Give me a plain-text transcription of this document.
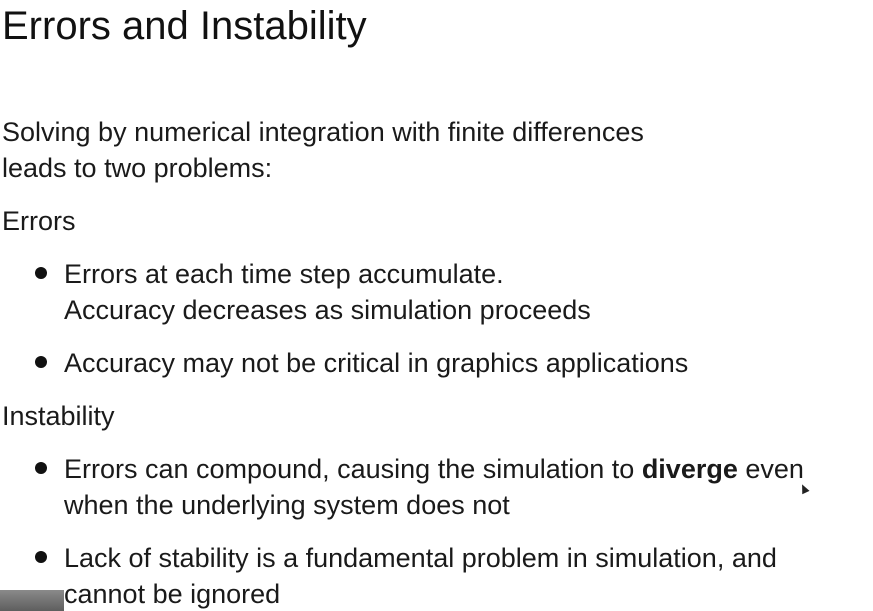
Errors and Instability
Solving by numerical integration with finite differences
leads to two problems:
Errors
Errors at each time step accumulate.
Accuracy decreases as simulation proceeds
Accuracy may not be critical in graphics applications
Instability
Errors can compound, causing the simulation to diverge even
when the underlying system does not
Lack of stability is a fundamental problem in simulation, and
cannot be ignored
